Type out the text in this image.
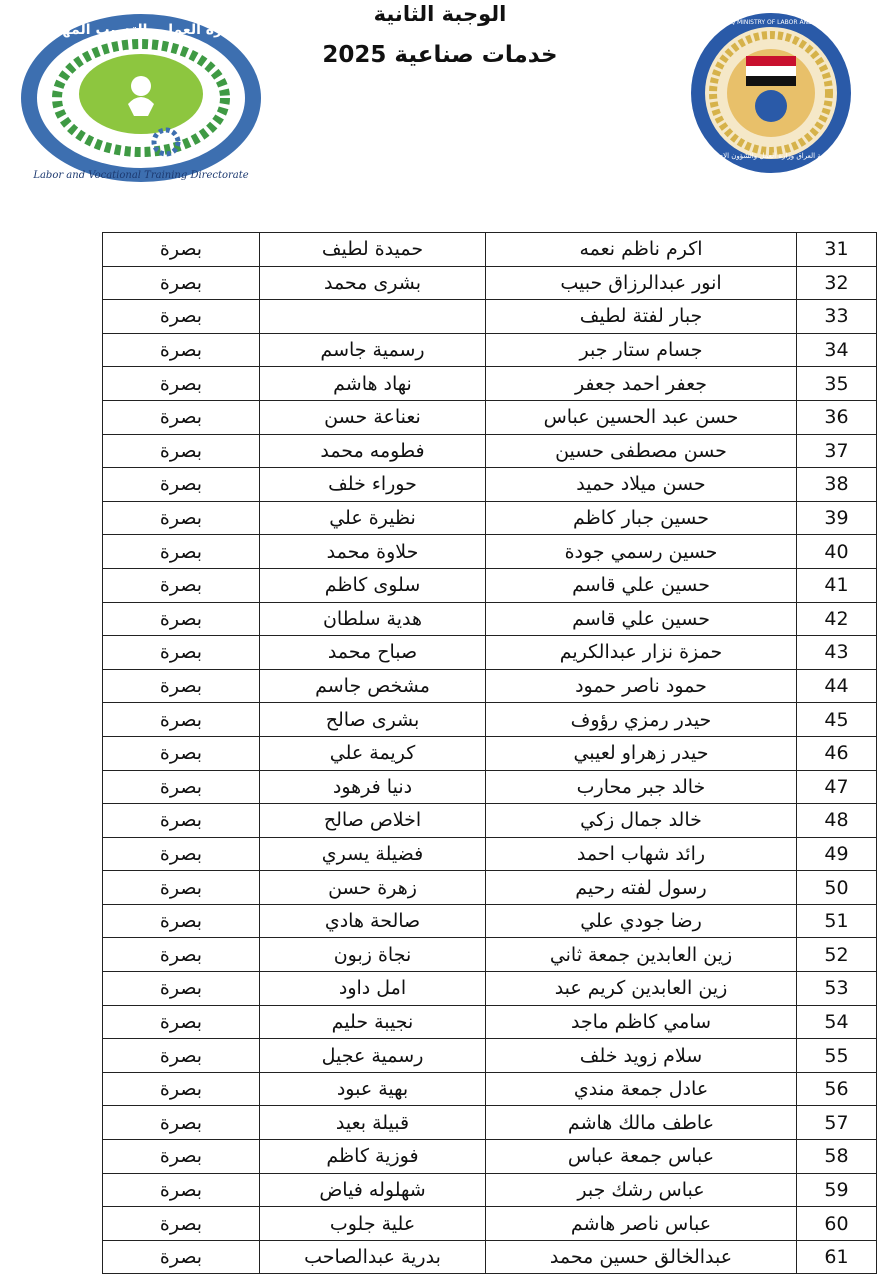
الوجبة الثانية
خدمات صناعية 2025
دائرة العمل والتدريب المهني
Labor and Vocational Training Directorate
جمهورية العراق وزارة العمل والشؤون الاجتماعية
REPUBLIC OF IRAQ MINISTRY OF LABOR AND SOCIAL AFFAIRS
31	اكرم ناظم نعمه	حميدة لطيف	بصرة
32	انور عبدالرزاق حبيب	بشرى محمد	بصرة
33	جبار لفتة لطيف		بصرة
34	جسام ستار جبر	رسمية جاسم	بصرة
35	جعفر احمد جعفر	نهاد هاشم	بصرة
36	حسن عبد الحسين عباس	نعناعة حسن	بصرة
37	حسن مصطفى حسين	فطومه محمد	بصرة
38	حسن ميلاد حميد	حوراء خلف	بصرة
39	حسين جبار كاظم	نظيرة علي	بصرة
40	حسين رسمي جودة	حلاوة محمد	بصرة
41	حسين علي قاسم	سلوى كاظم	بصرة
42	حسين علي قاسم	هدية سلطان	بصرة
43	حمزة نزار عبدالكريم	صباح محمد	بصرة
44	حمود ناصر حمود	مشخص جاسم	بصرة
45	حيدر رمزي رؤوف	بشرى صالح	بصرة
46	حيدر زهراو لعيبي	كريمة علي	بصرة
47	خالد جبر محارب	دنيا فرهود	بصرة
48	خالد جمال زكي	اخلاص صالح	بصرة
49	رائد شهاب احمد	فضيلة يسري	بصرة
50	رسول لفته رحيم	زهرة حسن	بصرة
51	رضا جودي علي	صالحة هادي	بصرة
52	زين العابدين جمعة ثاني	نجاة زبون	بصرة
53	زين العابدين كريم عبد	امل داود	بصرة
54	سامي كاظم ماجد	نجيبة حليم	بصرة
55	سلام زويد خلف	رسمية عجيل	بصرة
56	عادل جمعة مندي	بهية عبود	بصرة
57	عاطف مالك هاشم	قبيلة بعيد	بصرة
58	عباس جمعة عباس	فوزية كاظم	بصرة
59	عباس رشك جبر	شهلوله فياض	بصرة
60	عباس ناصر هاشم	علية جلوب	بصرة
61	عبدالخالق حسين محمد	بدرية عبدالصاحب	بصرة
